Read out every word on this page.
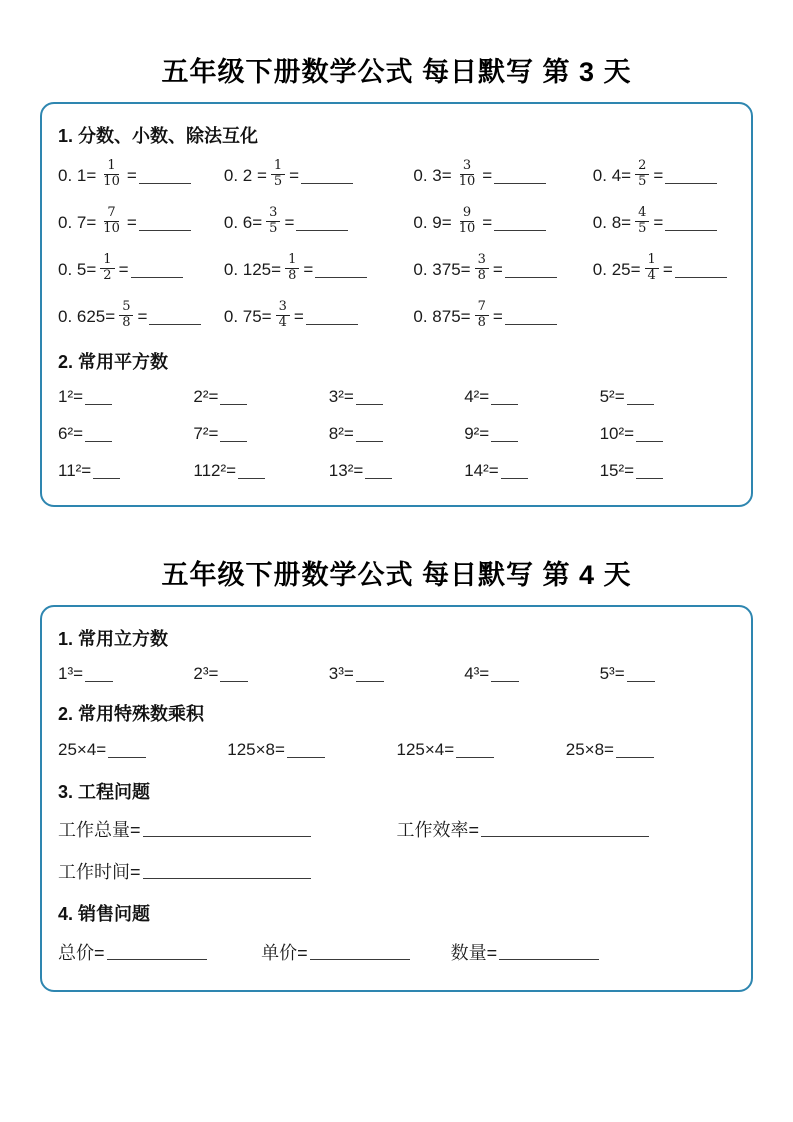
五年级下册数学公式 每日默写 第 3 天
1. 分数、小数、除法互化
0. $1= \frac{1}{10}$ =	0. $2 = \frac{1}{5}$ =	0. $3= \frac{3}{10}$ =	0. $4= \frac{2}{5}$ =
0. $7= \frac{7}{10}$ =	0. $6= \frac{3}{5}$ =	0. $9= \frac{9}{10}$ =	0. $8= \frac{4}{5}$ =
0. $5= \frac{1}{2}$ =	0. $125= \frac{1}{8}$ =	0. $375= \frac{3}{8}$ =	0. $25= \frac{1}{4}$ =
0. $625= \frac{5}{8}$ =	0. $75= \frac{3}{4}$ =	0. $875= \frac{7}{8}$ =
2. 常用平方数
1²=	2²=	3²=	4²=	5²=
6²=	7²=	8²=	9²=	10²=
11²=	112²=	13²=	14²=	15²=
五年级下册数学公式 每日默写 第 4 天
1. 常用立方数
1³=	2³=	3³=	4³=	5³=
2. 常用特殊数乘积
25×4=	125×8=	125×4=	25×8=
3. 工程问题
工作总量=	工作效率=
工作时间=
4. 销售问题
总价=	单价=	数量=
